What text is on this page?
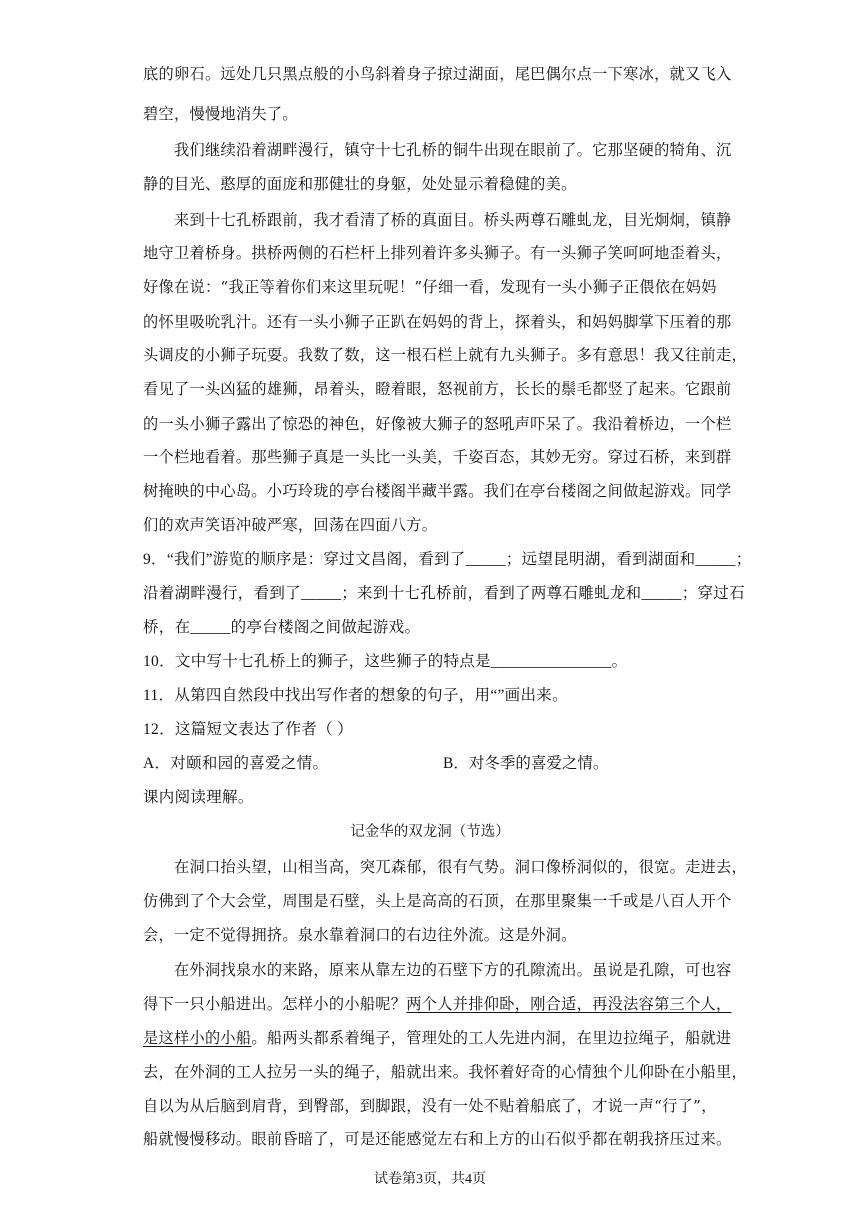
底的卵石。远处几只黑点般的小鸟斜着身子掠过湖面，尾巴偶尔点一下寒冰，就又飞入
碧空，慢慢地消失了。
我们继续沿着湖畔漫行，镇守十七孔桥的铜牛出现在眼前了。它那坚硬的犄角、沉
静的目光、憨厚的面庞和那健壮的身躯，处处显示着稳健的美。
来到十七孔桥跟前，我才看清了桥的真面目。桥头两尊石雕虬龙，目光炯炯，镇静
地守卫着桥身。拱桥两侧的石栏杆上排列着许多头狮子。有一头狮子笑呵呵地歪着头，
好像在说：“我正等着你们来这里玩呢！”仔细一看，发现有一头小狮子正偎依在妈妈
的怀里吸吮乳汁。还有一头小狮子正趴在妈妈的背上，探着头，和妈妈脚掌下压着的那
头调皮的小狮子玩耍。我数了数，这一根石栏上就有九头狮子。多有意思！我又往前走，
看见了一头凶猛的雄狮，昂着头，瞪着眼，怒视前方，长长的鬃毛都竖了起来。它跟前
的一头小狮子露出了惊恐的神色，好像被大狮子的怒吼声吓呆了。我沿着桥边，一个栏
一个栏地看着。那些狮子真是一头比一头美，千姿百态，其妙无穷。穿过石桥，来到群
树掩映的中心岛。小巧玲珑的亭台楼阁半藏半露。我们在亭台楼阁之间做起游戏。同学
们的欢声笑语冲破严寒，回荡在四面八方。
9．“我们”游览的顺序是：穿过文昌阁，看到了_____；远望昆明湖，看到湖面和_____；
沿着湖畔漫行，看到了_____；来到十七孔桥前，看到了两尊石雕虬龙和_____；穿过石
桥，在_____的亭台楼阁之间做起游戏。
10．文中写十七孔桥上的狮子，这些狮子的特点是_______________。
11．从第四自然段中找出写作者的想象的句子，用“”画出来。
12．这篇短文表达了作者（ ）
A．对颐和园的喜爱之情。	B．对冬季的喜爱之情。
课内阅读理解。
记金华的双龙洞（节选）
在洞口抬头望，山相当高，突兀森郁，很有气势。洞口像桥洞似的，很宽。走进去，
仿佛到了个大会堂，周围是石壁，头上是高高的石顶，在那里聚集一千或是八百人开个
会，一定不觉得拥挤。泉水靠着洞口的右边往外流。这是外洞。
在外洞找泉水的来路，原来从靠左边的石壁下方的孔隙流出。虽说是孔隙，可也容
得下一只小船进出。怎样小的小船呢？两个人并排仰卧，刚合适，再没法容第三个人，
是这样小的小船。船两头都系着绳子，管理处的工人先进内洞，在里边拉绳子，船就进
去，在外洞的工人拉另一头的绳子，船就出来。我怀着好奇的心情独个儿仰卧在小船里，
自以为从后脑到肩背，到臀部，到脚跟，没有一处不贴着船底了，才说一声“行了”，
船就慢慢移动。眼前昏暗了，可是还能感觉左右和上方的山石似乎都在朝我挤压过来。
试卷第3页，共4页
